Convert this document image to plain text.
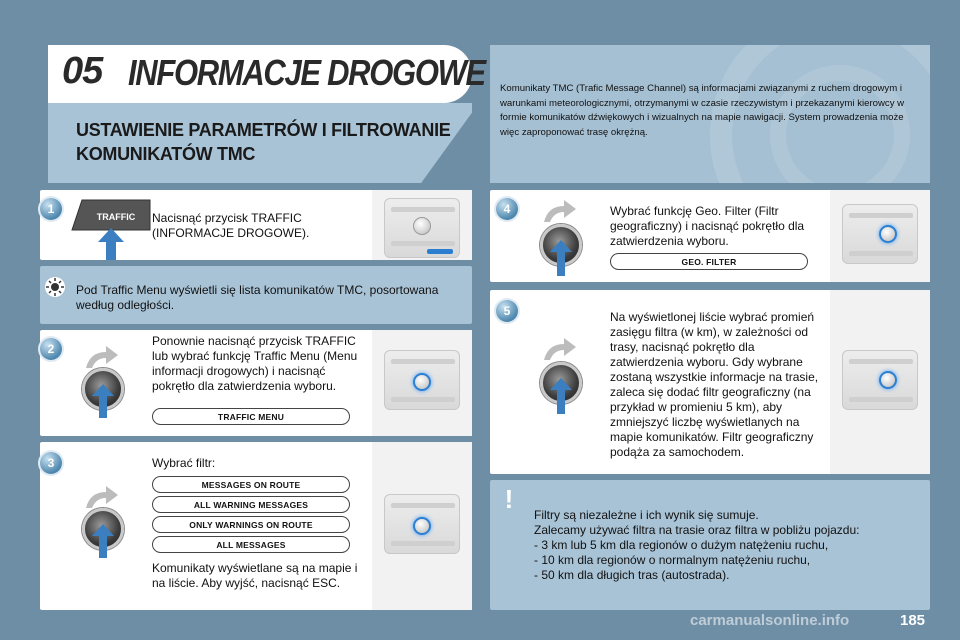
05 INFORMACJE DROGOWE
USTAWIENIE PARAMETRÓW I FILTROWANIE KOMUNIKATÓW TMC
Komunikaty TMC (Trafic Message Channel) są informacjami związanymi z ruchem drogowym i warunkami meteorologicznymi, otrzymanymi w czasie rzeczywistym i przekazanymi kierowcy w formie komunikatów dźwiękowych i wizualnych na mapie nawigacji. System prowadzenia może więc zaproponować trasę okrężną.
1
TRAFFIC Nacisnąć przycisk TRAFFIC (INFORMACJE DROGOWE).
Pod Traffic Menu wyświetli się lista komunikatów TMC, posortowana według odległości.
2
Ponownie nacisnąć przycisk TRAFFIC lub wybrać funkcję Traffic Menu (Menu informacji drogowych) i nacisnąć pokrętło dla zatwierdzenia wyboru.
TRAFFIC MENU
3	Wybrać filtr:
MESSAGES ON ROUTE
ALL WARNING MESSAGES
ONLY WARNINGS ON ROUTE
ALL MESSAGES
Komunikaty wyświetlane są na mapie i na liście. Aby wyjść, nacisnąć ESC.
4	Wybrać funkcję Geo. Filter (Filtr geograficzny) i nacisnąć pokrętło dla zatwierdzenia wyboru.
GEO. FILTER
5	Na wyświetlonej liście wybrać promień zasięgu filtra (w km), w zależności od trasy, nacisnąć pokrętło dla zatwierdzenia wyboru. Gdy wybrane zostaną wszystkie informacje na trasie, zaleca się dodać filtr geograficzny (na przykład w promieniu 5 km), aby zmniejszyć liczbę wyświetlanych na mapie komunikatów. Filtr geograficzny podąża za samochodem.
!
Filtry są niezależne i ich wynik się sumuje.
Zalecamy używać filtra na trasie oraz filtra w pobliżu pojazdu:
- 3 km lub 5 km dla regionów o dużym natężeniu ruchu,
- 10 km dla regionów o normalnym natężeniu ruchu,
- 50 km dla długich tras (autostrada).
carmanualsonline.info	185
